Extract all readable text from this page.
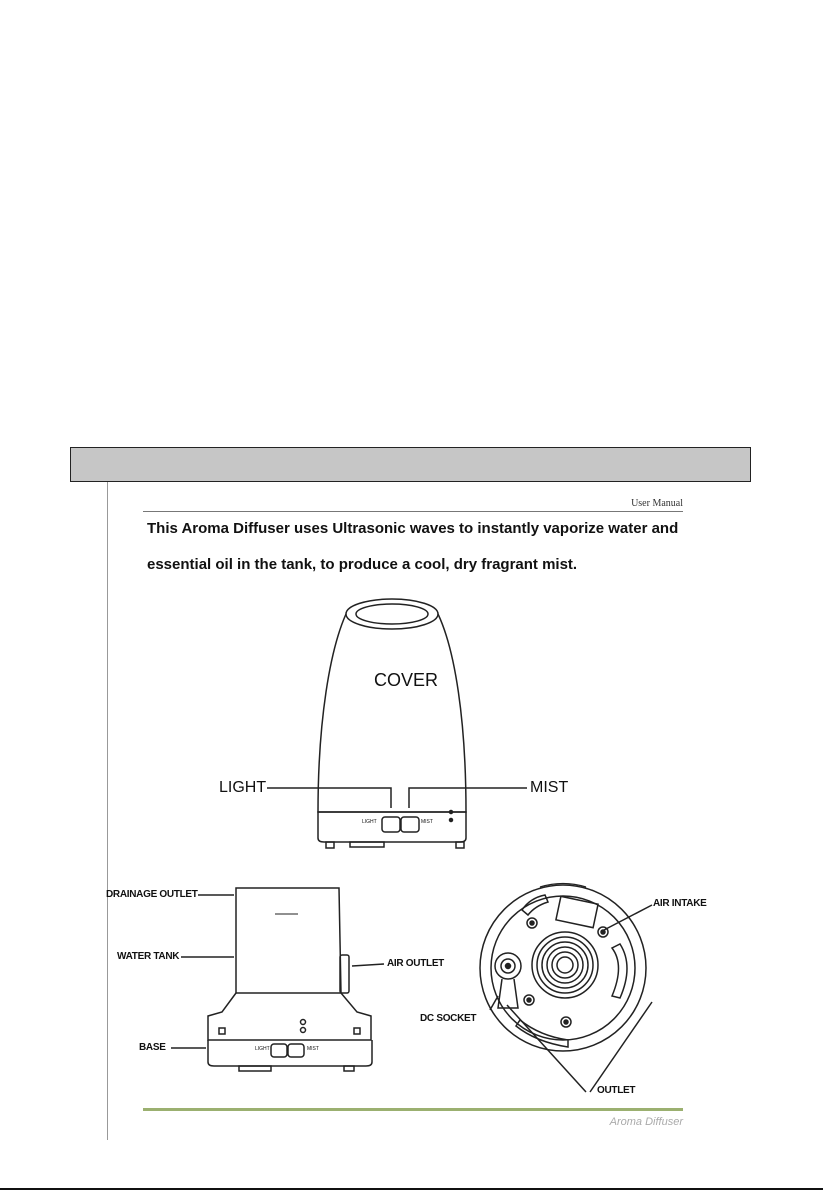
User Manual

This Aroma Diffuser uses Ultrasonic waves to instantly vaporize water and

essential oil in the tank, to produce a cool, dry fragrant mist.

COVER
LIGHT	MIST
LIGHT	MIST
DRAINAGE OUTLET
WATER TANK
AIR OUTLET
BASE	LIGHT	MIST
AIR INTAKE
DC SOCKET
OUTLET
Aroma Diffuser
